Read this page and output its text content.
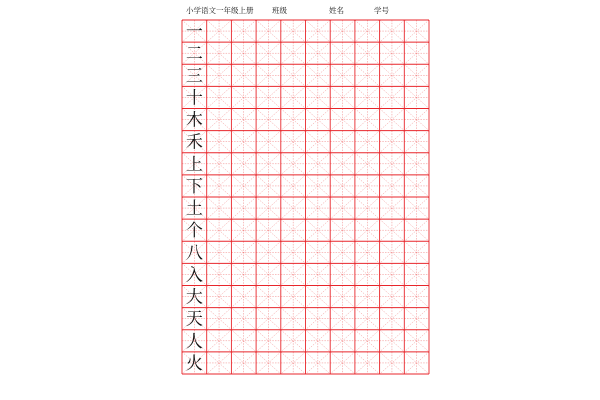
小学语文一年级上册 班级	姓名	学号
一
二
三
十
木
禾
上
下
土
个
八
入
大
天
人
火
